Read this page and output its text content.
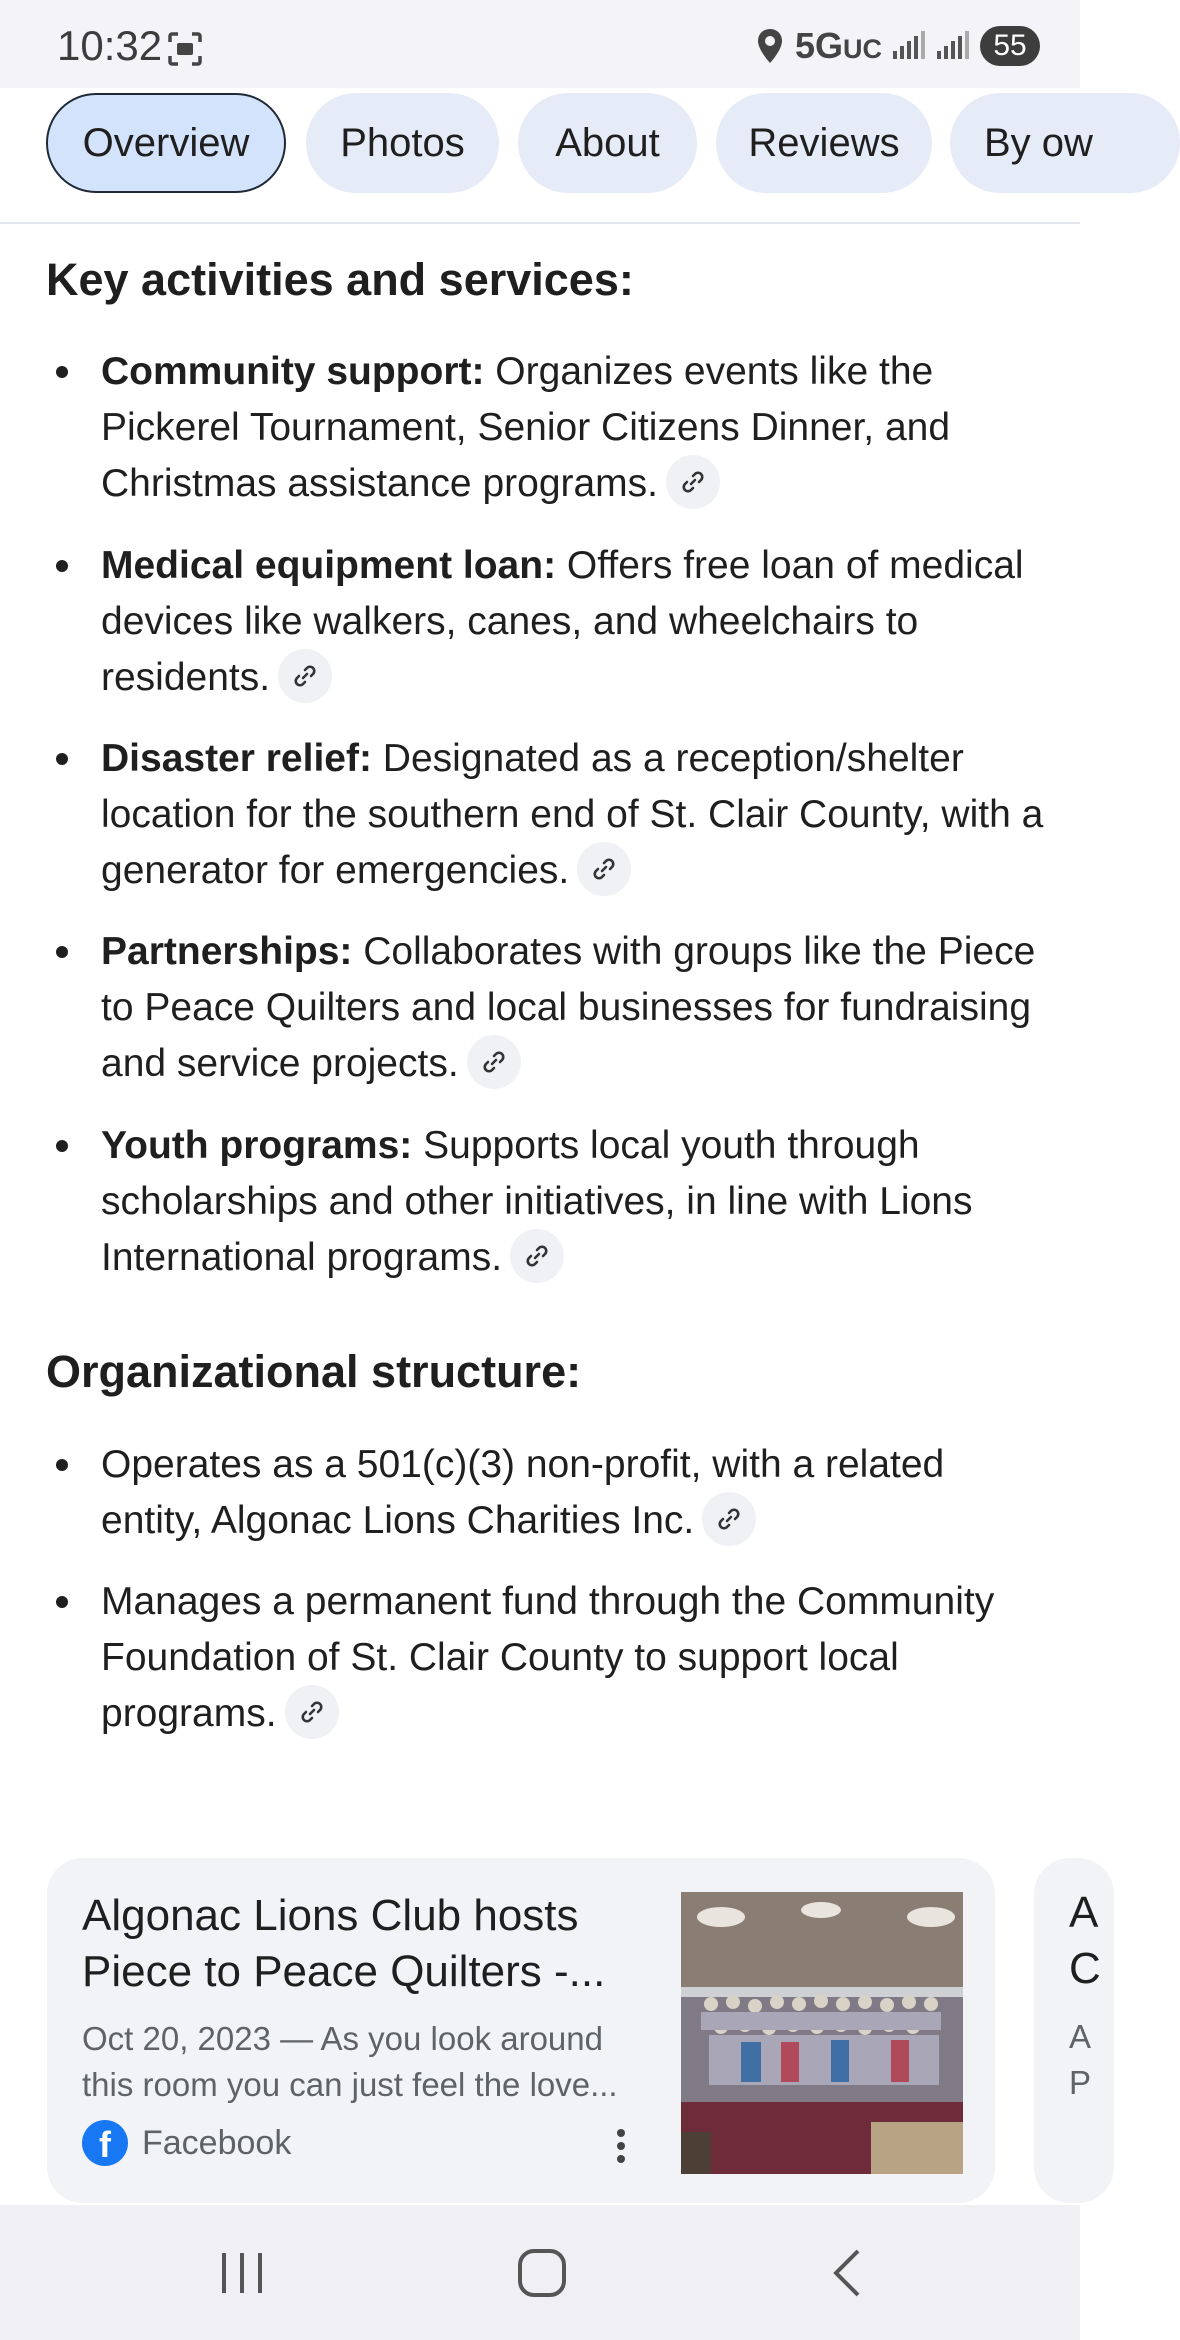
10:32	5GUC	55
Overview	Photos	About	Reviews	By ow
Key activities and services:
Community support: Organizes events like the Pickerel Tournament, Senior Citizens Dinner, and Christmas assistance programs.
Medical equipment loan: Offers free loan of medical devices like walkers, canes, and wheelchairs to residents.
Disaster relief: Designated as a reception/shelter location for the southern end of St. Clair County, with a generator for emergencies.
Partnerships: Collaborates with groups like the Piece to Peace Quilters and local businesses for fundraising and service projects.
Youth programs: Supports local youth through scholarships and other initiatives, in line with Lions International programs.
Organizational structure:
Operates as a 501(c)(3) non-profit, with a related entity, Algonac Lions Charities Inc.
Manages a permanent fund through the Community Foundation of St. Clair County to support local programs.
Algonac Lions Club hosts Piece to Peace Quilters -...
Oct 20, 2023 — As you look around this room you can just feel the love...
f Facebook
A
C
A
P
